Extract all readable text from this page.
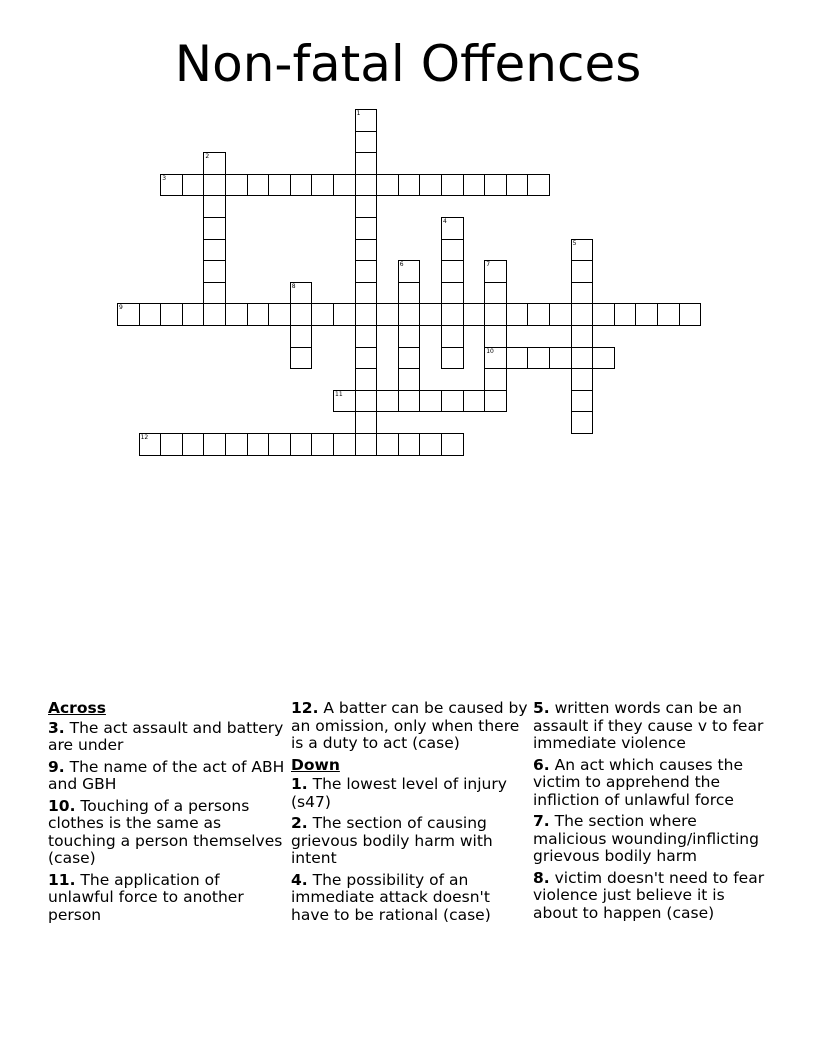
Non-fatal Offences
1
2
3
4
5
6	7
10
8
9
11
12
Across
3. The act assault and battery are under
9. The name of the act of ABH and GBH
10. Touching of a persons clothes is the same as touching a person themselves (case)
11. The application of unlawful force to another person
12. A batter can be caused by an omission, only when there is a duty to act (case)
Down
1. The lowest level of injury (s47)
2. The section of causing grievous bodily harm with intent
4. The possibility of an immediate attack doesn't have to be rational (case)
5. written words can be an assault if they cause v to fear immediate violence
6. An act which causes the victim to apprehend the infliction of unlawful force
7. The section where malicious wounding/inflicting grievous bodily harm
8. victim doesn't need to fear violence just believe it is about to happen (case)
